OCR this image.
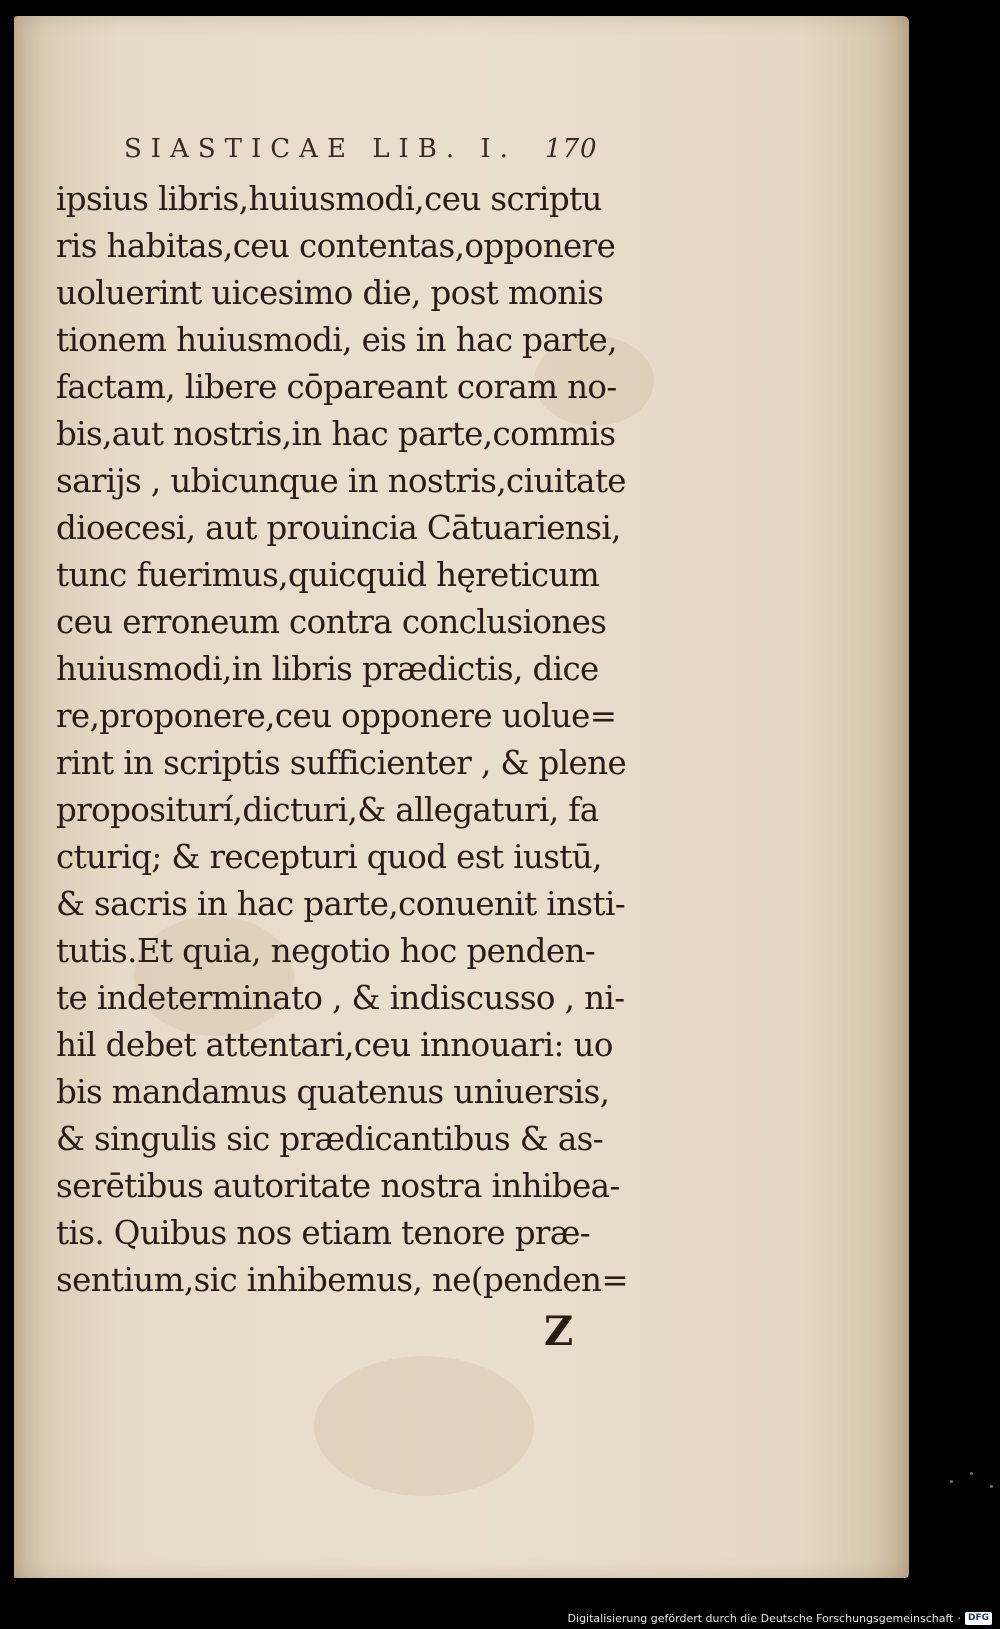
SIASTICAE LIB. I. 170
ipsius libris,huiusmodi,ceu scriptu
ris habitas,ceu contentas,opponere
uoluerint uicesimo die, post monis
tionem huiusmodi, eis in hac parte,
factam, libere cōpareant coram no-
bis,aut nostris,in hac parte,commis
sarijs , ubicunque in nostris,ciuitate
dioecesi, aut prouincia Cātuariensi,
tunc fuerimus,quicquid hęreticum
ceu erroneum contra conclusiones
huiusmodi,in libris prædictis, dice
re,proponere,ceu opponere uolue=
rint in scriptis sufficienter , & plene
propositurí,dicturi,& allegaturi, fa
cturiq; & recepturi quod est iustū,
& sacris in hac parte,conuenit insti-
tutis.Et quia, negotio hoc penden-
te indeterminato , & indiscusso , ni-
hil debet attentari,ceu innouari: uo
bis mandamus quatenus uniuersis,
& singulis sic prædicantibus & as-
serētibus autoritate nostra inhibea-
tis. Quibus nos etiam tenore præ-
sentium,sic inhibemus, ne(penden=
Z
Digitalisierung gefördert durch die Deutsche Forschungsgemeinschaft · DFG
